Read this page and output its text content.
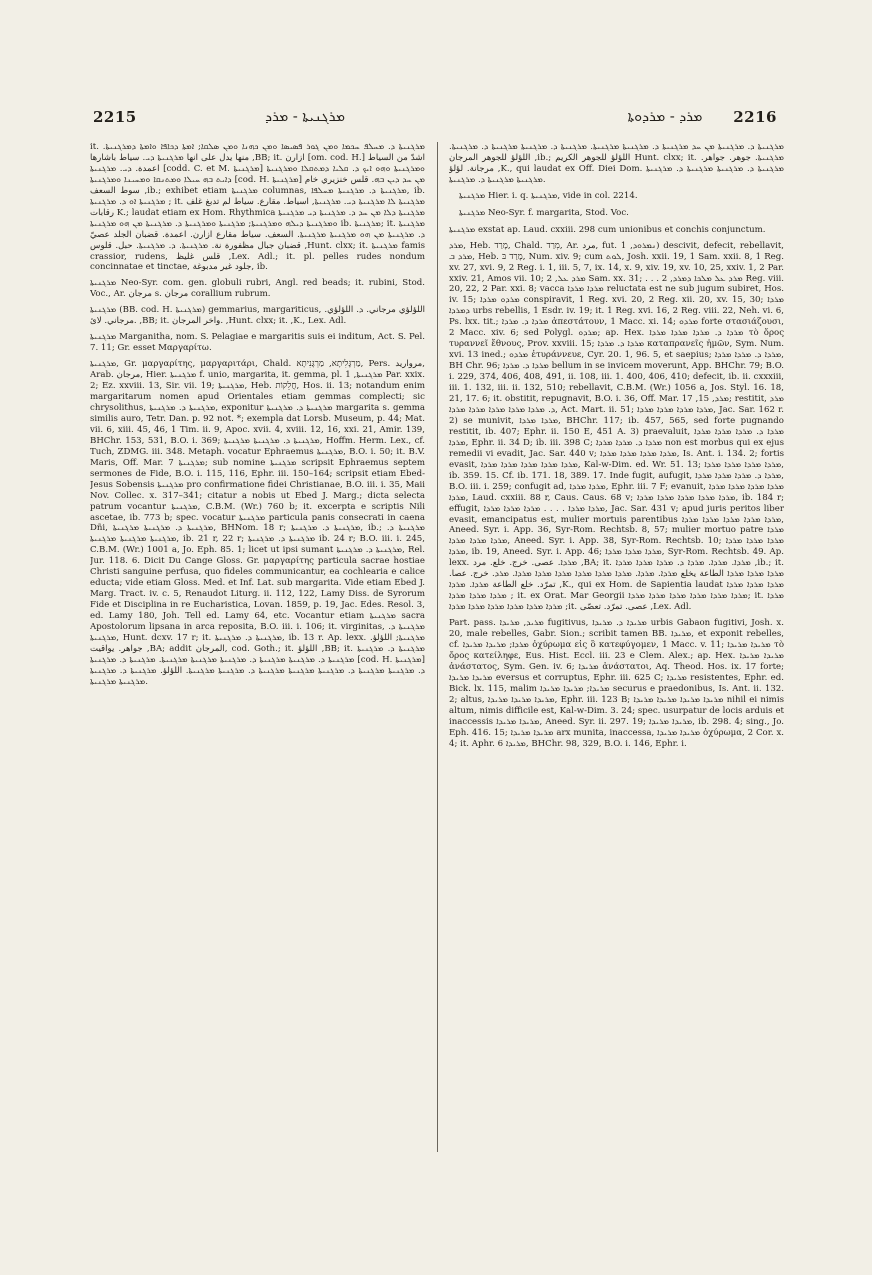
2215	ܡܪܓܢܝܬܐ - ܡܪܕ	ܡܪܕ - ܡܪܕܘܬܐ	2216

it. ܡܪܓܢܝܬܐ ܕ. ܡܚܠܦ ܚܟܡܐ ܘܡܢ ܓܘܪ ܦܣܝܣܐ ܘܡܢ ܟܗܢܐ ܘܡܢ ܣܠܩܐ; ܐܡܬܐ ܕܟܐܦܐ ܘܐܡܬܐ ܕܡܪܓܢܝܬܐ. منها يدل على انها ܡܪܓܢܝܬܐ ܕܝ. سياط باشارها ,BB; it. ازارن [om. cod. H.] اشدّ من السياط اعمدة. ܕܝ. ܡܪܓܢܝܬܐ [codd. C. et M. ܡܪܓܢܝܬܐ] ܘܡܪܓܢܝܬܐ ܘܗܘ ܐܝܟ ܕ. ܩܠܝܐ ܕܡܬܩܠܐ ܘܡܪܓܢܝܬܐ ܕܐܝܬ ܒܗ ܚܝܠܐ ܘܡܬܢܩܐ ܘܡܚܝܢܐ ܘܡܪܓܢܝܬܐ [cod. H. ܡܪܓܢܝܬܐ] ܡܢ ܚܕ ܕܝܢ ܒܗ. قلس خنزيري خام سوط السعف ,ib.; exhibet etiam ܡܪܓܢܝܬܐ columnas, ܡܪܓܢܝܬܐ ܕ. ܡܪܓܢܝܬܐ ܡܚܠܦܐ, ib. ܡܪܓܢܝܬܐ ܐܘ ܕ. ܡܪܓܢܝܬܐ ; it. ܡܪܓܢܝܬܐ ܠܐ ܡܪܓܢܝܬܐ ܕܝ. ܡܪܓܢܝܬܐ, اسياط. مقارع. سياط لم تدبغ غلف رقابات K.; laudat etiam ex Hom. Rhythmica ܡܪܓܢܝܬܐ ܕܠܐ ܡܢ ܚܕ ܕ. ܡܪܓܢܝܬܐ ܕܝ ܡܪܓܢܝܬܐ ܘܡܪܓܢܝܬܐ ܕܝܠܗ ܘܡܪܓܢܝܬܐ; ܡܪܓܢܝܬܐ ܘܡܪܓܢܝܬܐ ܕ. ܡܪܓܢܝܬܐ ܡܢ ܗܘ ܡܪܓܢܝܬܐ ib. ܡܪܓܢܝܬܐ; it. ܡܪܓܢܝܬܐ ܕ. ܡܪܓܢܝܬܐ ܡܢ ܗܘ ܡܪܓܢܝܬܐ ܡܪܓܢܝܬܐ. السعف. سياط مقارع ازارن. اعمدة. قضبان الجلد عصيّ قضبان جبال مظفورة نة. ܡܪܓܢܝܬܐ. ܕ. ܡܪܓܢܝܬܐ. حبل. قلوس ,Hunt. clxx; it. ܡܪܓܢܝܬܐ famis crassior, rudens, قلس غليظ ,Lex. Adl.; it. pl. pelles rudes nondum concinnatae et tinctae, جلود غير مدبوغة, ib.

ܡܪܓܢܝܬܐ Neo-Syr. com. gen. globuli rubri, Angl. red beads; it. rubini, Stod. Voc., Ar. مرجان s. مرجان corallium rubrum.

ܡܪܓܢܝܬܐ (BB. cod. H. ܡܪܓܢܝܬܐ) gemmarius, margariticus, اللؤلؤي مرجاني. ܕ. اللؤلؤي. مرجاني. لائ. ,BB; it. واخر المرجان. ,Hunt. clxx; it. ,K., Lex. Adl.

ܡܪܓܢܝܬܐ Marganitha, nom. S. Pelagiae e margaritis suis ei inditum, Act. S. Pel. 7. 11; Gr. esset Μαργαρίτω.

ܡܪܓܢܝܬܐ, Gr. μαργαρίτης, μαργαριτάρι, Chald. מַרְגָּלִיתָא, מַרְגָּנִיתָא, Pers. مرواريد, Arab. مرجان, Hier. ܡܪܓܢܝܬܐ f. unio, margarita, it. gemma, pl. ܡܪܓܢܝܬܐ, 1 Par. xxix. 2; Ez. xxviii. 13, Sir. vii. 19; ܡܪܓܢܝܬܐ, Heb. חֲלֵקוֹת, Hos. ii. 13; notandum enim margaritarum nomen apud Orientales etiam gemmas complecti; sic chrysolithus, ܡܪܓܢܝܬܐ ܕ. ܡܪܓܢܝܬܐ, exponitur ܡܪܓܢܝܬܐ ܕ. ܡܪܓܢܝܬܐ margarita s. gemma similis auro, Tetr. Dan. p. 92 not. *; exempla dat Lorsb. Museum, p. 44; Mat. vii. 6, xiii. 45, 46, 1 Tim. ii. 9, Apoc. xvii. 4, xviii. 12, 16, xxi. 21, Amir. 139, BHChr. 153, 531, B.O. i. 369; ܡܪܓܢܝܬܐ ܕ. ܡܪܓܢܝܬܐ ܡܪܓܢܝܬܐ, Hoffm. Herm. Lex., cf. Tuch, ZDMG. iii. 348. Metaph. vocatur Ephraemus ܡܪܓܢܝܬܐ, B.O. i. 50; it. B.V. Maris, Off. Mar. ܡܪܓܢܝܬܐ 7; sub nomine ܡܪܓܢܝܬܐ scripsit Ephraemus septem sermones de Fide, B.O. i. 115, 116, Ephr. iii. 150–164; scripsit etiam Ebed-Jesus Sobensis ܡܪܓܢܝܬܐ pro confirmatione fidei Christianae, B.O. iii. i. 35, Maii Nov. Collec. x. 317–341; citatur a nobis ut Ebed J. Marg.; dicta selecta patrum vocantur ܡܪܓܢܝܬܐ, C.B.M. (Wr.) 760 b; it. excerpta e scriptis Nili ascetae, ib. 773 b; spec. vocatur ܡܪܓܢܝܬܐ particula panis consecrati in caena Dñi, ܡܪܓܢܝܬܐ ܕ. ܡܪܓܢܝܬܐ ܡܪܓܢܝܬܐ, BHNom. 18 r; ܡܪܓܢܝܬܐ ܕ. ܡܪܓܢܝܬܐ, ib.; ܡܪܓܢܝܬܐ ܕ. ܡܪܓܢܝܬܐ ܡܪܓܢܝܬܐ ܡܪܓܢܝܬܐ, ib. 21 r, 22 r; ܡܪܓܢܝܬܐ ܕ. ܡܪܓܢܝܬܐ ib. 24 r; B.O. iii. i. 245, C.B.M. (Wr.) 1001 a, Jo. Eph. 85. 1; licet ut ipsi sumant ܡܪܓܢܝܬܐ ܕ. ܡܪܓܢܝܬܐ, Rel. Jur. 118. 6. Dicit Du Cange Gloss. Gr. μαργαρίτης particula sacrae hostiae Christi sanguine perfusa, quo fideles communicantur, ea cochlearia e calice educta; vide etiam Gloss. Med. et Inf. Lat. sub margarita. Vide etiam Ebed J. Marg. Tract. iv. c. 5, Renaudot Liturg. ii. 112, 122, Lamy Diss. de Syrorum Fide et Disciplina in re Eucharistica, Lovan. 1859, p. 19, Jac. Edes. Resol. 3, ed. Lamy 180, Joh. Tell ed. Lamy 64, etc. Vocantur etiam ܡܪܓܢܝܬܐ sacra Apostolorum lipsana in arca reposita, B.O. iii. i. 106; it. virginitas, ܡܪܓܢܝܬܐ ܕ. ܡܪܓܢܝܬܐ, Hunt. dcxv. 17 r; it. ܡܪܓܢܝܬܐ ܕ. ܡܪܓܢܝܬܐ, ib. 13 r. Ap. lexx. ܡܪܓܢܝܬܐ; اللؤلؤ. جواهر. يواقيت ,BA; addit المرجان, cod. Goth.; it. اللؤلؤ ,BB; it. ܡܪܓܢܝܬܐ ܕ. ܡܪܓܢܝܬܐ ܡܪܓܢܝܬܐ ܕ. ܡܪܓܢܝܬܐ ܡܪܓܢܝܬܐ ܕ. ܡܪܓܢܝܬܐ ܡܪܓܢܝܬܐ ܡܪܓܢܝܬܐ. ܡܪܓܢܝܬܐ ܕ. ܡܪܓܢܝܬܐ [cod. H. ܡܪܓܢܝܬܐ] ܕ. ܡܪܓܢܝܬܐ ܡܪܓܢܝܬܐ ܕ. ܡܪܓܢܝܬܐ ܡܪܓܢܝܬܐ ܡܪܓܢܝܬܐ ܕ. ܡܪܓܢܝܬܐ ܡܪܓܢܝܬܐ. اللؤلؤ. ܡܪܓܢܝܬܐ ܕ. ܡܪܓܢܝܬܐ ܡܪܓܢܝܬܐ ܡܪܓܢܝܬܐ.

ܡܪܓܢܝܬܐ ܕ. ܡܪܓܢܝܬܐ ܡܢ ܚܕ ܡܪܓܢܝܬܐ ܕ. ܡܪܓܢܝܬܐ ܡܪܓܢܝܬܐ. ܡܪܓܢܝܬܐ ܕ. ܡܪܓܢܝܬܐ ܡܪܓܢܝܬܐ ܕ. ܡܪܓܢܝܬܐ. اللؤلؤ للجوهر المرجان ,ib.; اللؤلؤ للجوهر الكريم Hunt. clxx; it. ܡܪܓܢܝܬܐ. جوهر. جواهر. مرجانة. لؤلؤ ,K., qui laudat ex Off. Diei Dom. ܡܪܓܢܝܬܐ ܕ. ܡܪܓܢܝܬܐ ܡܪܓܢܝܬܐ ܕ. ܡܪܓܢܝܬܐ ܡܪܓܢܝܬܐ ܡܪܓܢܝܬܐ ܕ. ܡܪܓܢܝܬܐ.

ܡܪܓܢܝܬܐ Hier. i. q. ܡܪܓܢܝܬܐ, vide in col. 2214.

ܡܪܓܢܝܬܐ Neo-Syr. f. margarita, Stod. Voc.

ܡܪܓܢܝܬܐ exstat ap. Laud. cxxiii. 298 cum unionibus et conchis conjunctum.

ܡܪܕ, Heb. מָרַד, Chald. מְרַד, Ar. مرد, fut. ܢܡܪܘܕ, 1) descivit, defecit, rebellavit, ܡܪܕ ܒ, Heb. מָרַד בּ, Num. xiv. 9; cum ܠܘܬ, Josh. xxii. 19, 1 Sam. xxii. 8, 1 Reg. xv. 27, xvi. 9, 2 Reg. i. 1, iii. 5, 7, ix. 14, x. 9, xiv. 19, xv. 10, 25, xxiv. 1, 2 Par. xxiv. 21, Amos vii. 10; ܡܪܕ ܥܠ, 2 Sam. xx. 31; . . . ܡܪܕ ܥܠ ܡܠܟܐ ܕܡܪܕ, 2 Reg. viii. 20, 22, 2 Par. xxi. 8; vacca ܡܪܕܐ ܡܪܕܐ reluctata est ne sub jugum subiret, Hos. iv. 15; ܡܪܕܘ ܡܪܕܐ conspiravit, 1 Reg. xvi. 20, 2 Reg. xii. 20, xv. 15, 30; ܡܪܕܐ ܕܡܪܕܐ urbs rebellis, 1 Esdr. iv. 19; it. 1 Reg. xvi. 16, 2 Reg. viii. 22, Neh. vi. 6, Ps. lxx. tit.; ܡܪܕܐ ܕ. ܡܪܕܐ ἀπεστάτουν, 1 Macc. xi. 14; ܡܪܕܘ forte στασιάζουσι, 2 Macc. xiv. 6; sed Polygl. ܡܪܕܘ; ap. Hex. ܡܪܕܐ ܕ. ܡܪܕܐ ܡܪܕܐ ܡܪܕܐ τὸ ὄρος τυραννεῖ ἔθνους, Prov. xxviii. 15; ܡܪܕܐ ܕ. ܡܪܕܐ καταπρανεῖς ἡμῶν, Sym. Num. xvi. 13 ined.; ܡܪܕܘ ἐτυράννευε, Cyr. 20. 1, 96. 5, et saepius; ܡܪܕܐ ܕ. ܡܪܕܐ ܡܪܕܐ, BH Chr. 96; ܡܪܕܐ ܕ. ܡܪܕܐ bellum in se invicem moverunt, App. BHChr. 79; B.O. i. 229, 374, 406, 408, 491, ii. 108, iii. 1. 400, 406, 410; defecit, ib. ii. cxxxiii, iii. 1. 132, iii. ii. 132, 510; rebellavit, C.B.M. (Wr.) 1056 a, Jos. Styl. 16. 18, 21, 17. 6; it. obstitit, repugnavit, B.O. i. 36, Off. Mar. ܡܪܕ, 15, 17; restitit, ܡܪܕ ܕ. ܡܪܕܐ ܡܪܕܐ ܡܪܕܐ ܡܪܕܐ ܡܪܕܐ, Act. Mart. ii. 51; ܡܪܕܐ ܡܪܕܐ ܡܪܕܐ ܡܪܕܐ, Jac. Sar. 162 r. 2) se munivit, ܡܪܕܐ ܡܪܕܐ, BHChr. 117; ib. 457, 565, sed forte pugnando restitit, ib. 407; Ephr. ii. 150 E, 451 A. 3) praevaluit, ܡܪܕܐ ܕ. ܡܪܕܐ ܡܪܕܐ ܡܪܕܐ ܡܪܕܐ, Ephr. ii. 34 D; ib. iii. 398 C; ܡܪܕܐ ܕ. ܡܪܕܐ ܡܪܕܐ non est morbus qui ex ejus remedii vi evadit, Jac. Sar. 440 v; ܡܪܕܐ ܡܪܕܐ ܡܪܕܐ ܡܪܕܐ, Is. Ant. i. 134. 2; fortis evasit, ܡܪܕܐ ܡܪܕܐ ܡܪܕܐ ܡܪܕܐ ܡܪܕܐ, Kal-w-Dim. ed. Wr. 51. 13; ܡܪܕܐ ܡܪܕܐ ܡܪܕܐ ܡܪܕܐ, ib. 359. 15. Cf. ib. 171. 18, 389. 17. Inde fugit, aufugit, ܡܪܕܐ ܕ. ܡܪܕܐ ܡܪܕܐ ܡܪܕܐ, B.O. iii. i. 259; confugit ad, ܡܪܕܐ ܡܪܕܐ, Ephr. iii. 7 F; evanuit, ܡܪܕܐ ܡܪܕܐ ܡܪܕܐ ܡܪܕܐ ܡܪܕܐ, Laud. cxxiii. 88 r, Caus. Caus. 68 v; ܡܪܕܐ ܡܪܕܐ ܡܪܕܐ ܡܪܕܐ ܡܪܕܐ, ib. 184 r; effugit, ܡܪܕܐ ܡܪܕܐ . . . . ܡܪܕܐ ܡܪܕܐ ܡܪܕܐ, Jac. Sar. 431 v; apud juris peritos liber evasit, emancipatus est, mulier mortuis parentibus ܡܪܕܐ ܡܪܕܐ ܡܪܕܐ ܡܪܕܐ ܡܪܕܐ, Aneed. Syr. i. App. 36, Syr-Rom. Rechtsb. 8, 57; mulier mortuo patre ܡܪܕܐ ܡܪܕܐ ܡܪܕܐ ܡܪܕܐ, Aneed. Syr. i. App. 38, Syr-Rom. Rechtsb. 10; ܡܪܕܐ ܡܪܕܐ ܡܪܕܐ ܡܪܕܐ, ib. 19, Aneed. Syr. i. App. 46; ܡܪܕܐ ܡܪܕܐ ܡܪܕܐ, Syr-Rom. Rechtsb. 49. Ap. lexx. ܡܪܕܐ. عصى. خرج. خلع. مرد ,BA; it. ܡܪܕܐ. ܡܪܕܐ. ܡܪܕܐ ܕ. ܡܪܕܐ ܡܪܕܐ ܡܪܕܐ ,ib.; it. ܡܪܕܐ ܡܪܕܐ ܡܪܕܐ الطاعة يخلع ܡܪܕܐ. ܡܪܕܐ. ܡܪܕܐ ܡܪܕܐ ܡܪܕܐ ܡܪܕܐ ܡܪܕܐ ܡܪܕܐ. ܡܪܕ. خرج. عصا. تمرّد. خلع الطاعة ܡܪܕܐ. ܡܪܕܐ ,K., qui ex Hom. de Sapientia laudat ܡܪܕܐ ܡܪܕܐ ܡܪܕܐ ܡܪܕܐ ܡܪܕܐ ܡܪܕܐ ; it. ex Orat. Mar Georgii ܡܪܕܐ ܡܪܕܐ ܡܪܕܐ ܡܪܕܐ ܡܪܕܐ ܡܪܕܐ; it. ܡܪܕܐ ܡܪܕܐ ܡܪܕܐ ܡܪܕܐ ܡܪܕܐ ܡܪܕܐ ܡܪܕܐ ;it. عصى. تمرّد. تعصّى ,Lex. Adl.

Part. pass. ܡܪܝܕ, ܡܪܝܕܐ fugitivus, ܡܪܝܕܐ ܕ. ܡܪܝܕܐ urbis Gabaon fugitivi, Josh. x. 20, male rebelles, Gabr. Sion.; scribit tamen BB. ܡܪܝܕܐ, et exponit rebelles, cf. ܡܪܕܐ; ܡܪܝܕܐ ܡܪܝܕܐ ὀχύρωμα εἰς ὃ κατεφύγομεν, 1 Macc. v. 11; ܡܪܝܕܐ ܡܪܝܕܐ τὸ ὄρος κατείληφε, Eus. Hist. Eccl. iii. 23 e Clem. Alex.; ap. Hex. ܡܪܝܕܐ ܡܪܝܕܐ ἀνάστατος, Sym. Gen. iv. 6; ܡܪܝܕܐ ἀνάστατοι, Aq. Theod. Hos. ix. 17 forte; ܡܪܝܕܐ ܡܪܝܕܐ eversus et corruptus, Ephr. iii. 625 C; ܡܪܝܕܐ resistentes, Ephr. ed. Bick. lx. 115, malim ܡܪܝܕܐ; ܡܪܝܕܐ ܡܪܝܕܐ securus e praedonibus, Is. Ant. ii. 132. 2; altus, ܡܪܝܕܐ ܡܪܝܕܐ ܡܪܝܕܐ, Ephr. iii. 123 B; ܡܪܝܕܐ ܡܪܝܕܐ ܡܪܝܕܐ ܡܪܝܕܐ nihil ei nimis altum, nimis difficile est, Kal-w-Dim. 3. 24; spec. usurpatur de locis arduis et inaccessis ܡܪܝܕܐ ܡܪܝܕܐ, Aneed. Syr. ii. 297. 19; ܡܪܝܕܐ ܡܪܝܕܐ, ib. 298. 4; sing., Jo. Eph. 416. 15; ܡܪܝܕܐ ܡܪܝܕܐ arx munita, inaccessa, ܡܪܝܕܐ ܡܪܝܕܐ ὀχύρωμα, 2 Cor. x. 4; it. Aphr. ܡܪܝܕܐ 6, BHChr. 98, 329, B.O. i. 146, Ephr. i.
